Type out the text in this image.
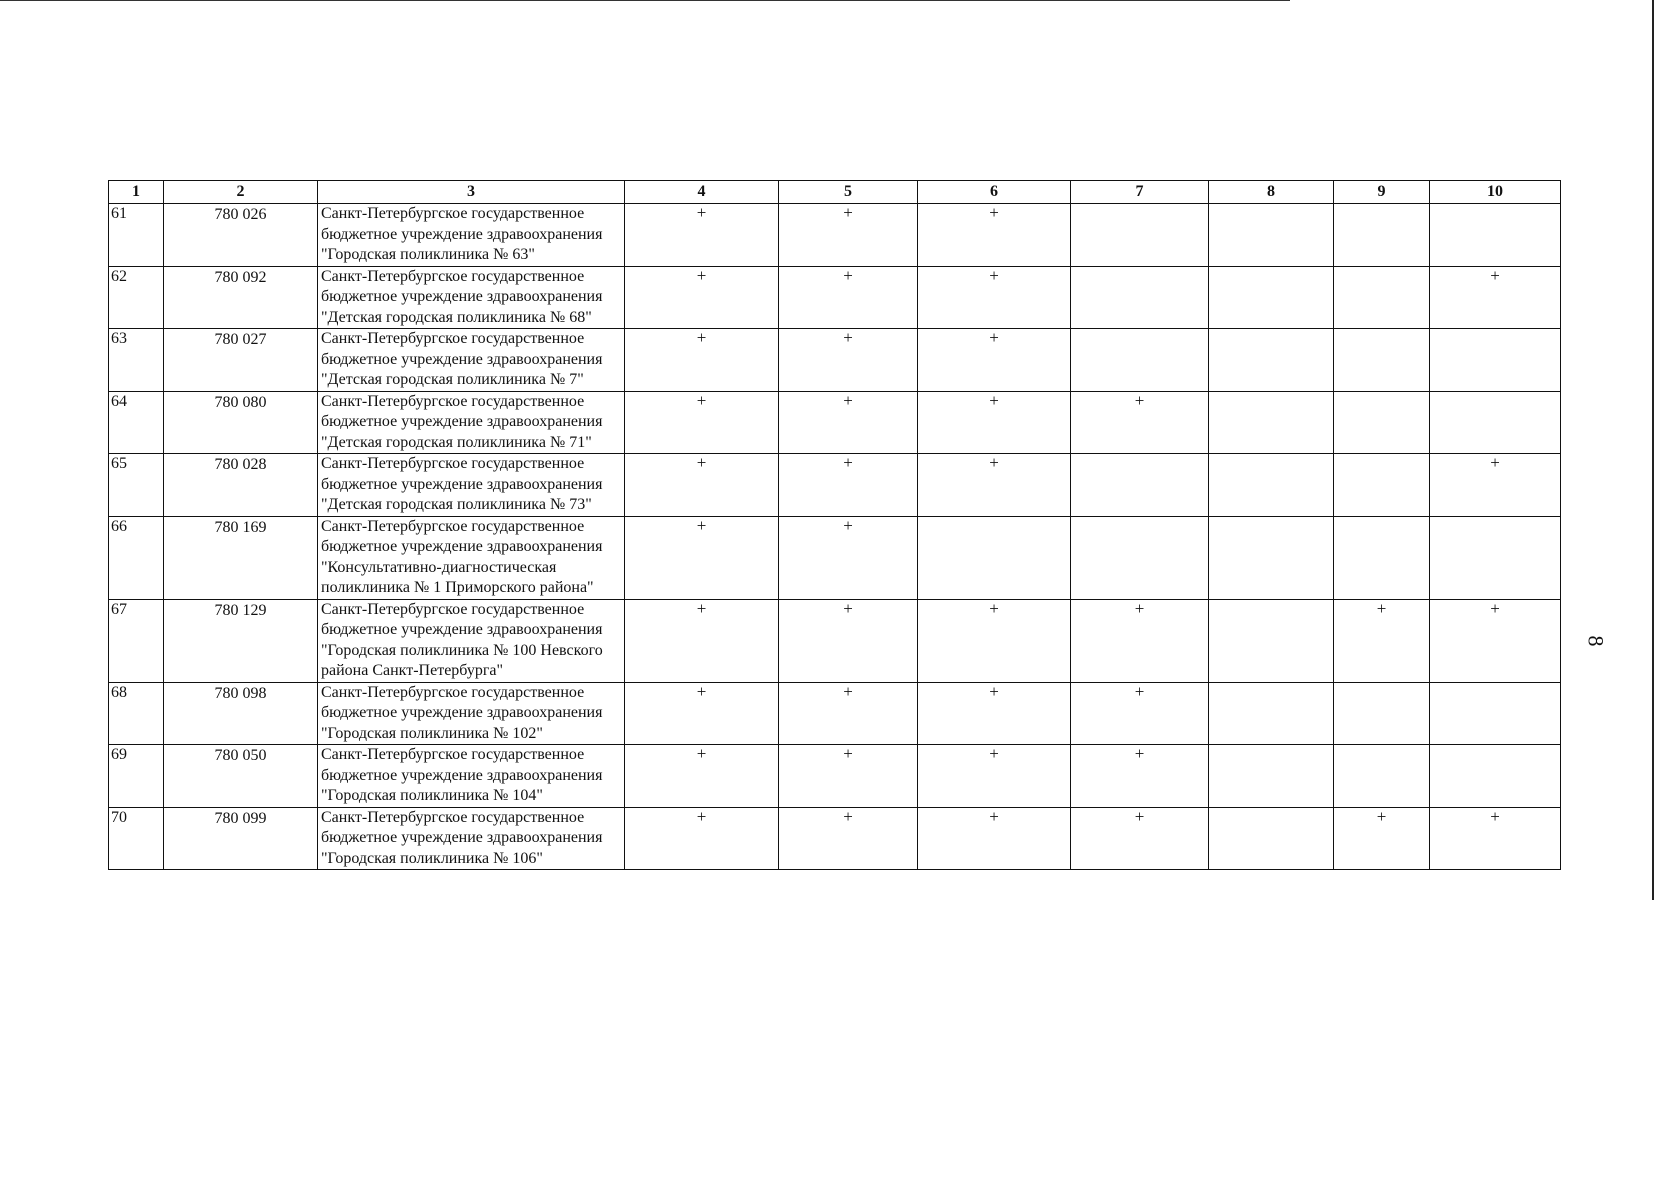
8
1	2	3	4	5	6	7	8	9	10
61	780 026	Санкт-Петербургское государственное бюджетное учреждение здравоохранения "Городская поликлиника № 63"	+	+	+				
62	780 092	Санкт-Петербургское государственное бюджетное учреждение здравоохранения "Детская городская поликлиника № 68"	+	+	+				+
63	780 027	Санкт-Петербургское государственное бюджетное учреждение здравоохранения "Детская городская поликлиника № 7"	+	+	+				
64	780 080	Санкт-Петербургское государственное бюджетное учреждение здравоохранения "Детская городская поликлиника № 71"	+	+	+	+			
65	780 028	Санкт-Петербургское государственное бюджетное учреждение здравоохранения "Детская городская поликлиника № 73"	+	+	+				+
66	780 169	Санкт-Петербургское государственное бюджетное учреждение здравоохранения "Консультативно-диагностическая поликлиника № 1 Приморского района"	+	+					
67	780 129	Санкт-Петербургское государственное бюджетное учреждение здравоохранения "Городская поликлиника № 100 Невского района Санкт-Петербурга"	+	+	+	+		+	+
68	780 098	Санкт-Петербургское государственное бюджетное учреждение здравоохранения "Городская поликлиника № 102"	+	+	+	+			
69	780 050	Санкт-Петербургское государственное бюджетное учреждение здравоохранения "Городская поликлиника № 104"	+	+	+	+			
70	780 099	Санкт-Петербургское государственное бюджетное учреждение здравоохранения "Городская поликлиника № 106"	+	+	+	+		+	+
